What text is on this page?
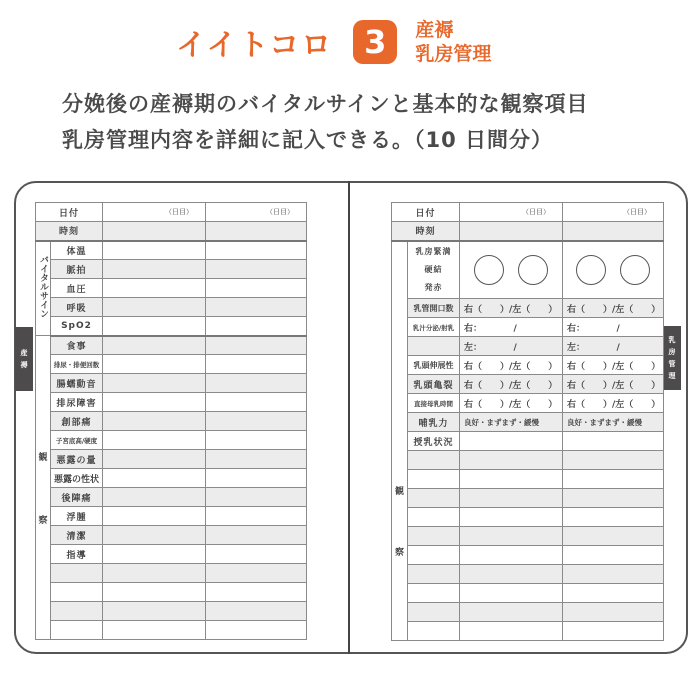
イイトコロ 3	産褥
乳房管理
分娩後の産褥期のバイタルサインと基本的な観察項目
乳房管理内容を詳細に記入できる。（10 日間分）
産
褥
乳
房
管
理
日付		（日目）	（日目）
時刻			
バイタルサイン	体温		
	脈拍		
	血圧		
	呼吸		
	SpO2		

観
察	食事		
	排尿・排便回数		
	腸蠕動音		
	排尿障害		
	創部痛		
	子宮底高/硬度		
	悪露の量		
	悪露の性状		
	後陣痛		
	浮腫		
	清潔		
	指導		

日付		（日目）	（日目）
時刻			

観
察

乳房緊満
硬結
発赤

	乳管開口数	右（　　）/左（　　）	右（　　）/左（　　）
	乳汁分泌/射乳	右：　　　　/	右：　　　　/
		左：　　　　/	左：　　　　/
	乳頭伸展性	右（　　）/左（　　）	右（　　）/左（　　）
	乳頭亀裂	右（　　）/左（　　）	右（　　）/左（　　）
	直接母乳時間	右（　　）/左（　　）	右（　　）/左（　　）
	哺乳力	良好・まずまず・緩慢	良好・まずまず・緩慢
	授乳状況		
